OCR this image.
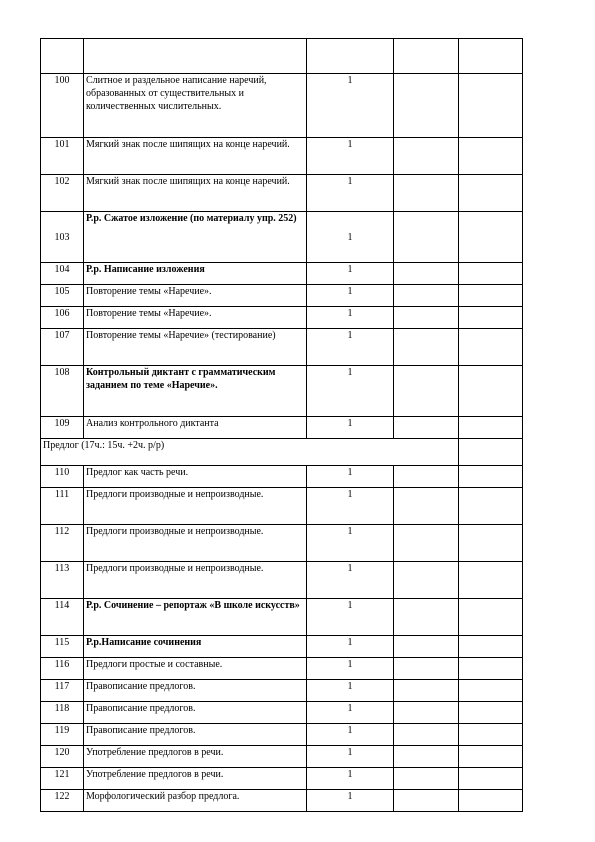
100	Слитное и раздельное написание наречий, образованных от существительных и количественных числительных.	1		
101	Мягкий знак после шипящих на конце наречий.	1		
102	Мягкий знак после шипящих на конце наречий.	1		
103	Р.р. Сжатое изложение (по материалу упр. 252)	1		
104	Р.р. Написание изложения	1		
105	Повторение темы «Наречие».	1		
106	Повторение темы «Наречие».	1		
107	Повторение темы «Наречие» (тестирование)	1		
108	Контрольный диктант с грамматическим заданием по теме «Наречие».	1		
109	Анализ контрольного диктанта	1		
Предлог (17ч.: 15ч. +2ч. р/р)				
110	Предлог как часть речи.	1		
111	Предлоги производные и непроизводные.	1		
112	Предлоги производные и непроизводные.	1		
113	Предлоги производные и непроизводные.	1		
114	Р.р. Сочинение – репортаж «В школе искусств»	1		
115	Р.р.Написание сочинения	1		
116	Предлоги простые и составные.	1		
117	Правописание предлогов.	1		
118	Правописание предлогов.	1		
119	Правописание предлогов.	1		
120	Употребление предлогов в речи.	1		
121	Употребление предлогов в речи.	1		
122	Морфологический разбор предлога.	1		
